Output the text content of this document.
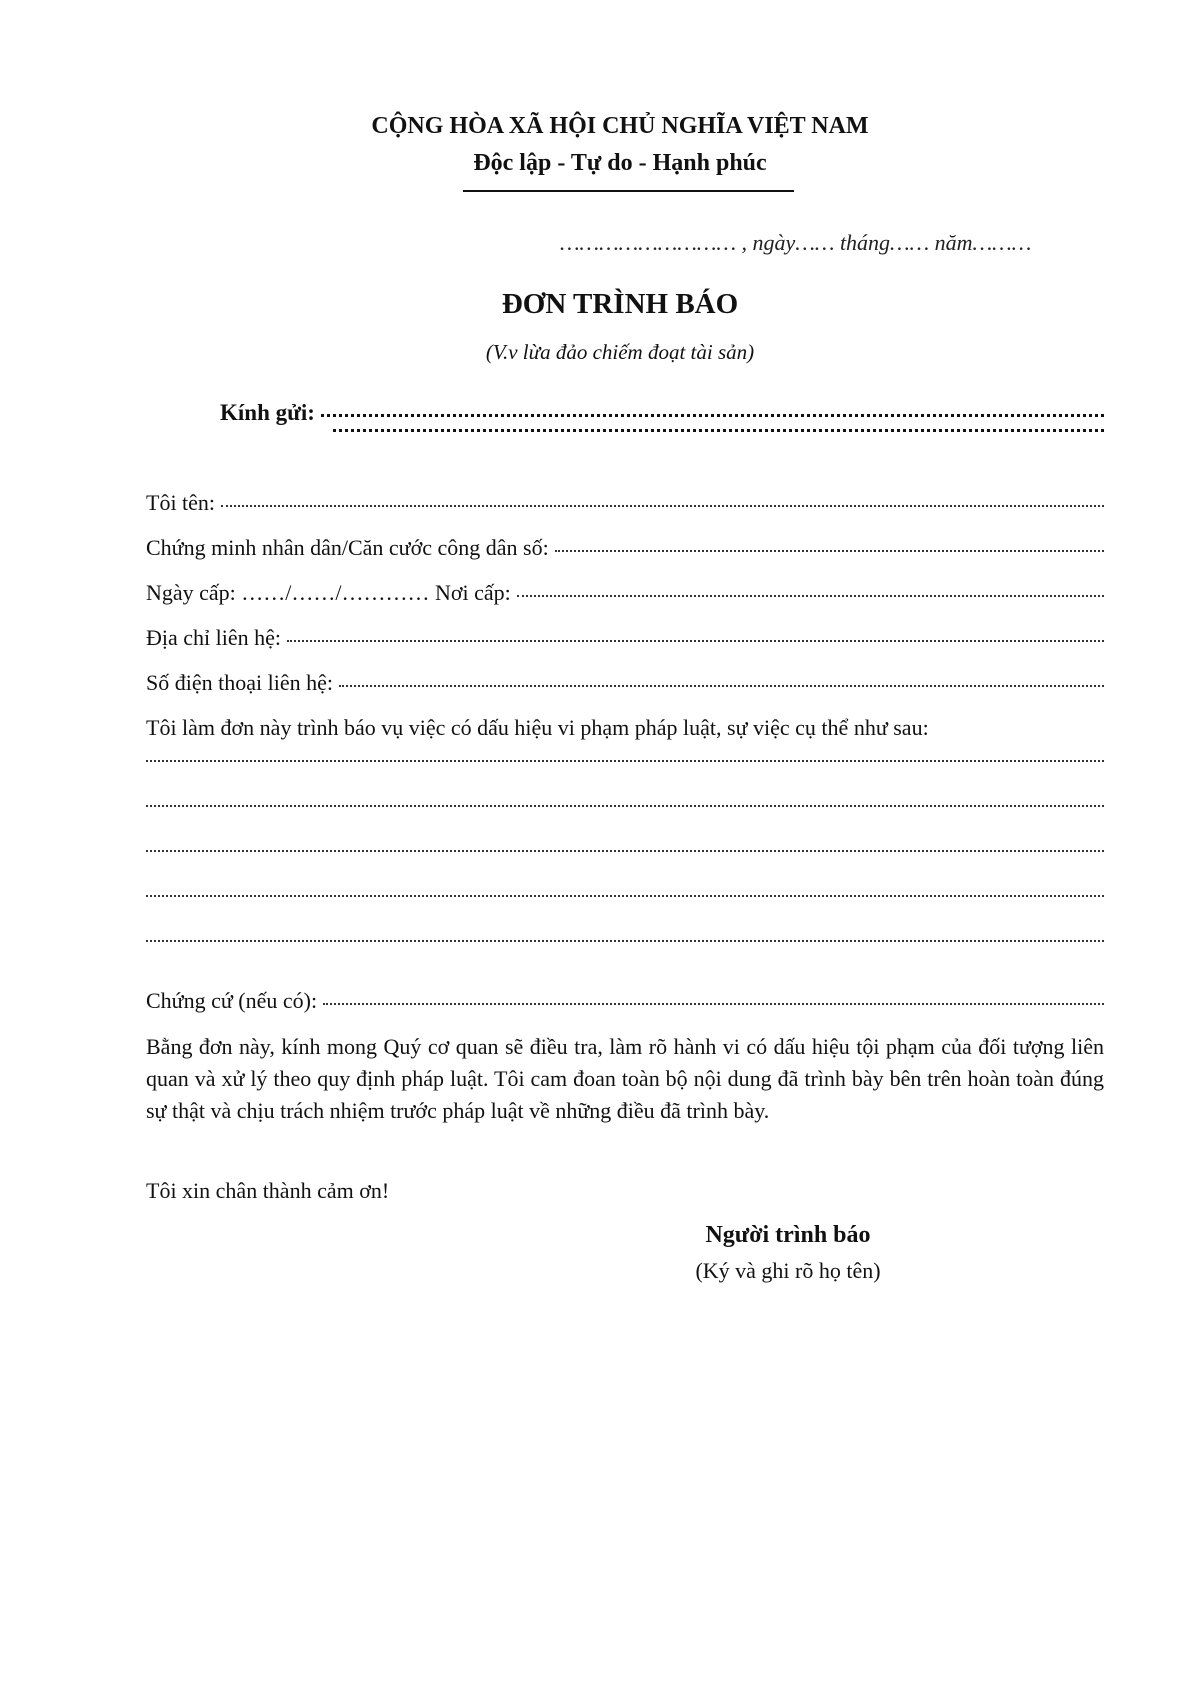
CỘNG HÒA XÃ HỘI CHỦ NGHĨA VIỆT NAM
Độc lập - Tự do - Hạnh phúc
……………………… , ngày…… tháng…… năm………
ĐƠN TRÌNH BÁO
(V.v lừa đảo chiếm đoạt tài sản)
Kính gửi:
Tôi tên:
Chứng minh nhân dân/Căn cước công dân số:
Ngày cấp: ……/……/………… Nơi cấp:
Địa chỉ liên hệ:
Số điện thoại liên hệ:
Tôi làm đơn này trình báo vụ việc có dấu hiệu vi phạm pháp luật, sự việc cụ thể như sau:
Chứng cứ (nếu có):
Bằng đơn này, kính mong Quý cơ quan sẽ điều tra, làm rõ hành vi có dấu hiệu tội phạm của đối tượng liên quan và xử lý theo quy định pháp luật. Tôi cam đoan toàn bộ nội dung đã trình bày bên trên hoàn toàn đúng sự thật và chịu trách nhiệm trước pháp luật về những điều đã trình bày.
Tôi xin chân thành cảm ơn!
Người trình báo
(Ký và ghi rõ họ tên)
